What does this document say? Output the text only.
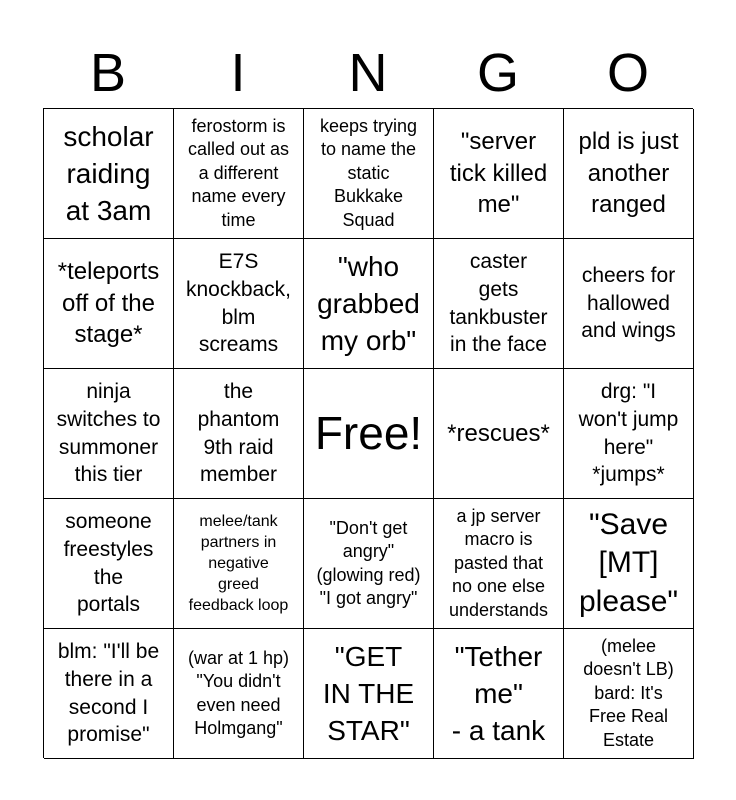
B	I	N	G	O
scholar
raiding
at 3am
ferostorm is
called out as
a different
name every
time
keeps trying
to name the
static
Bukkake
Squad
"server
tick killed
me"
pld is just
another
ranged
*teleports
off of the
stage*
E7S
knockback,
blm
screams
"who
grabbed
my orb"
caster
gets
tankbuster
in the face
cheers for
hallowed
and wings
ninja
switches to
summoner
this tier
the
phantom
9th raid
member
Free! *rescues*
drg: "I
won't jump
here"
*jumps*
someone
freestyles
the
portals
melee/tank
partners in
negative
greed
feedback loop
"Don't get
angry"
(glowing red)
"I got angry"
a jp server
macro is
pasted that
no one else
understands
"Save
[MT]
please"
blm: "I'll be
there in a
second I
promise"
(war at 1 hp)
"You didn't
even need
Holmgang"
"GET
IN THE
STAR"
"Tether
me"
- a tank
(melee
doesn't LB)
bard: It's
Free Real
Estate
